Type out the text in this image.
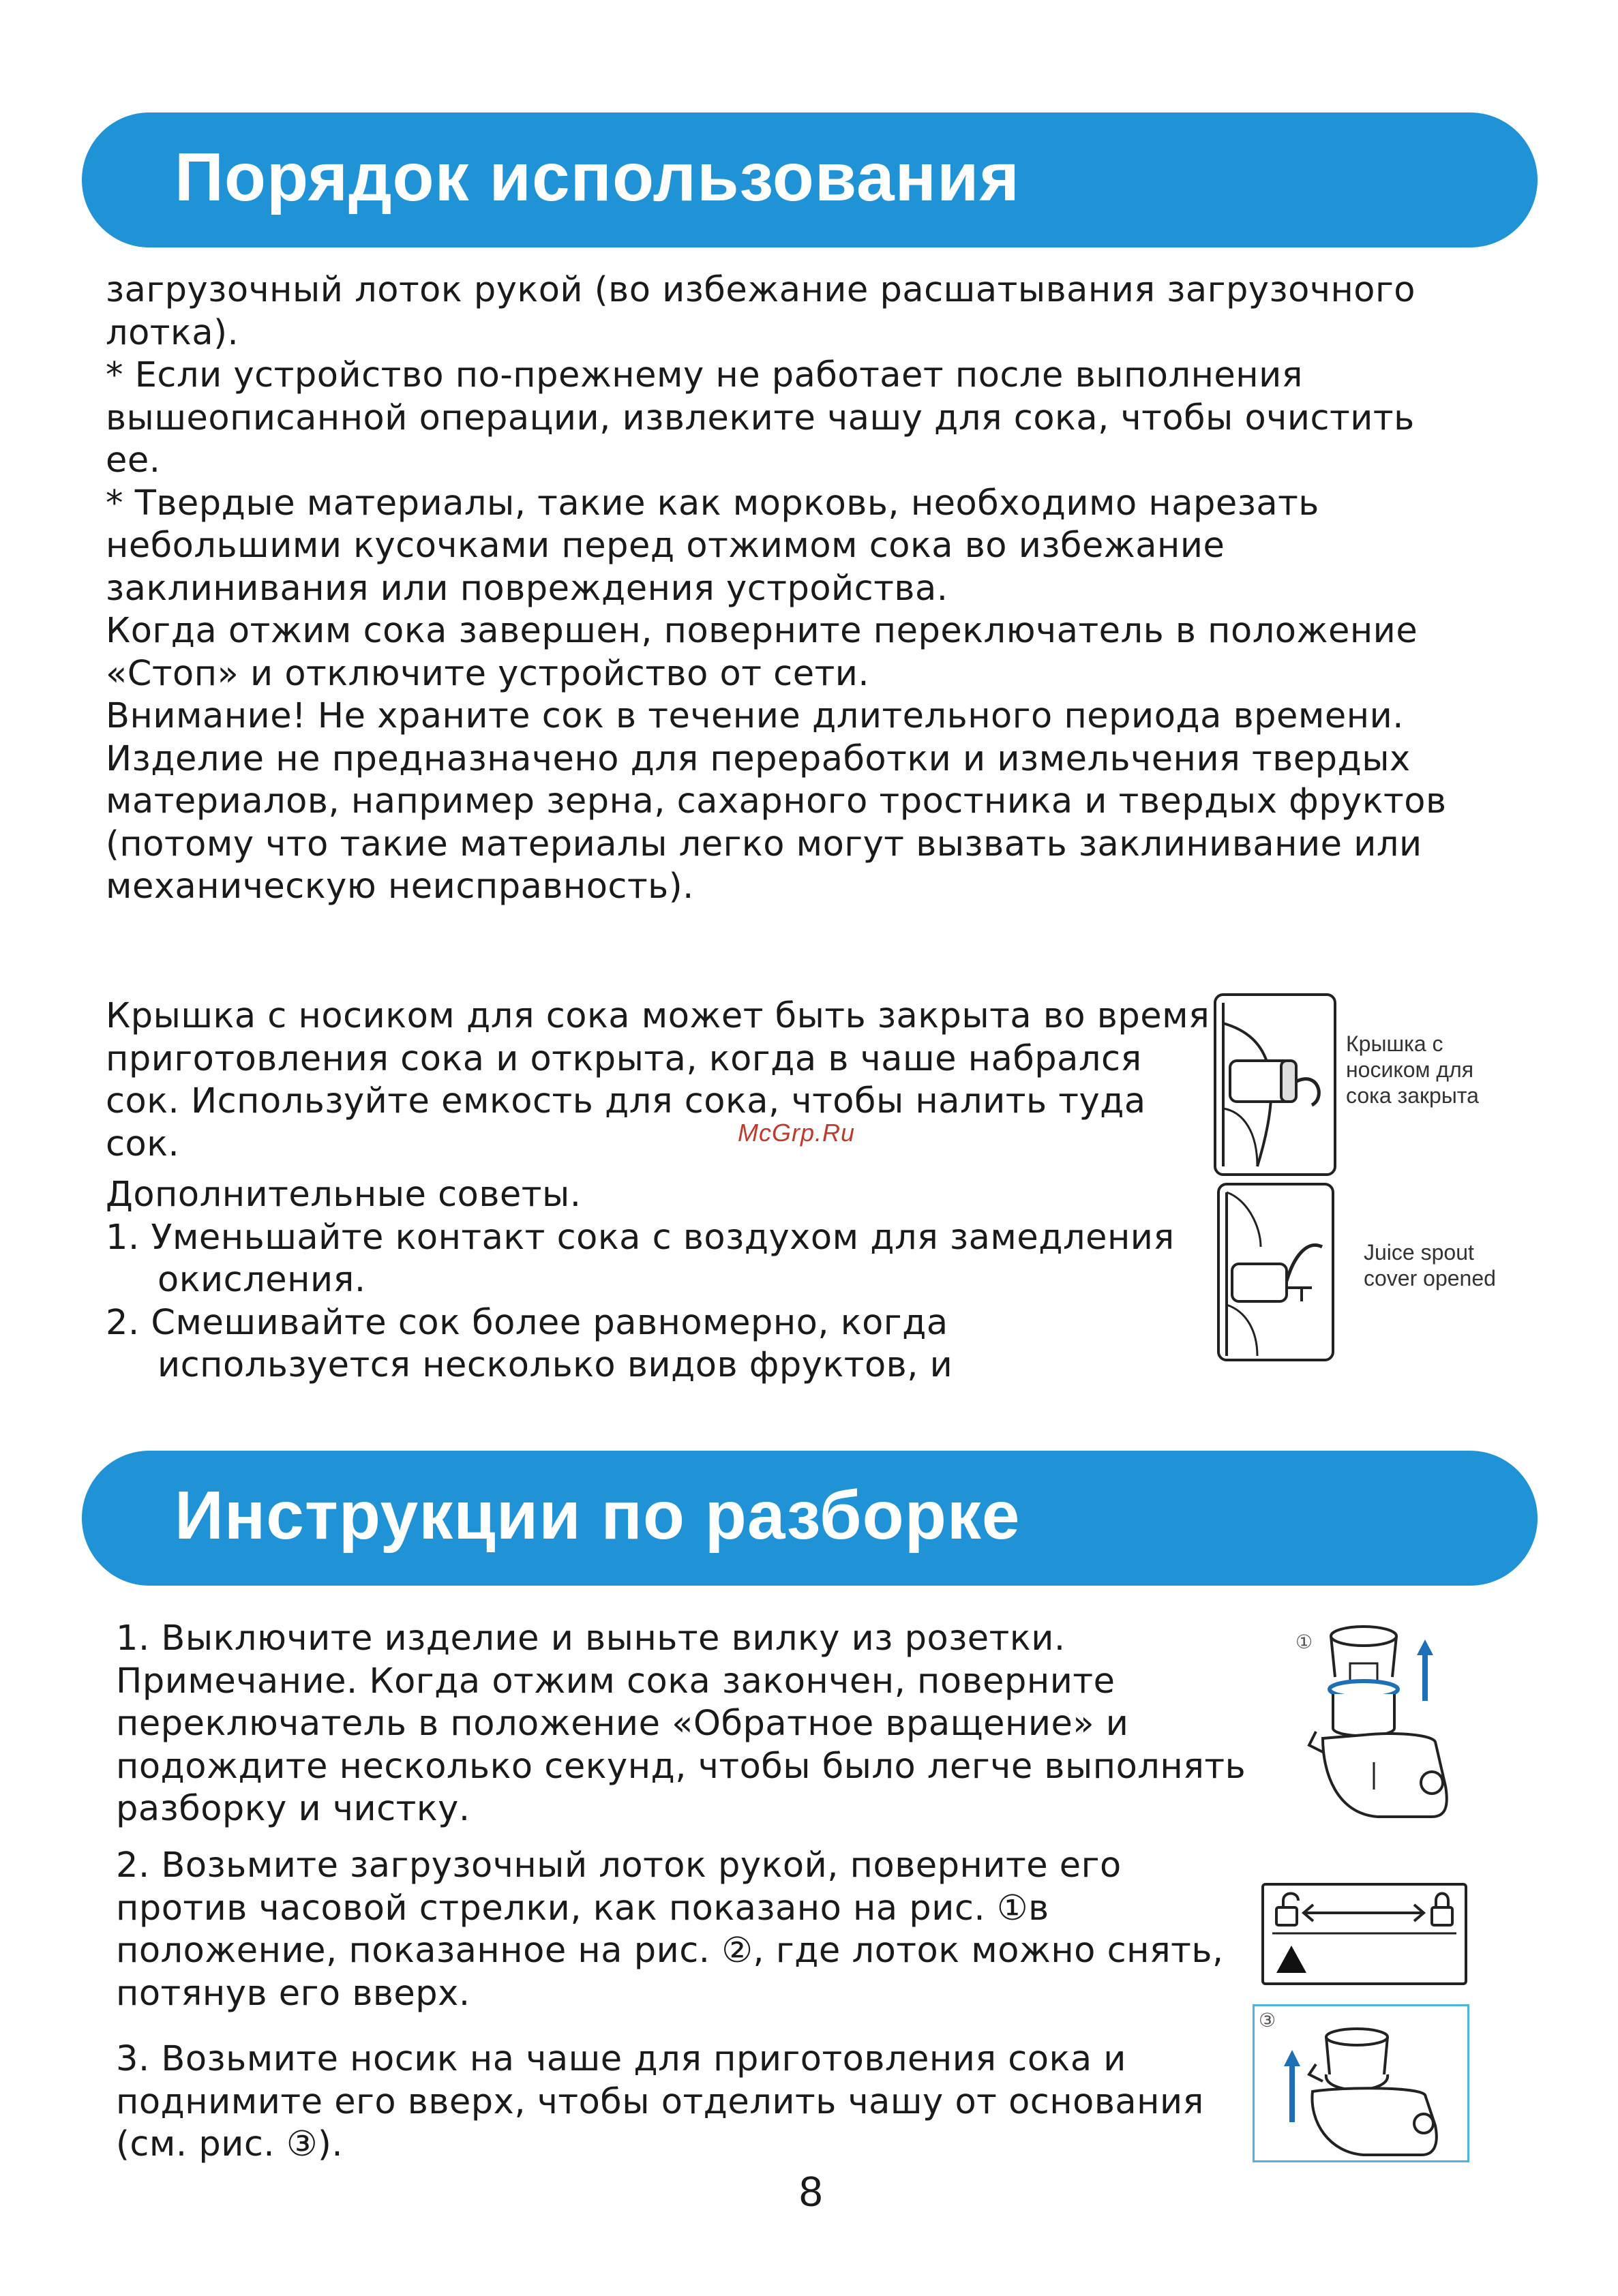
Порядок использования

загрузочный лоток рукой (во избежание расшатывания загрузочного

лотка).

* Если устройство по-прежнему не работает после выполнения

вышеописанной операции, извлеките чашу для сока, чтобы очистить

ее.

* Твердые материалы, такие как морковь, необходимо нарезать

небольшими кусочками перед отжимом сока во избежание

заклинивания или повреждения устройства.

Когда отжим сока завершен, поверните переключатель в положение

«Стоп» и отключите устройство от сети.

Внимание! Не храните сок в течение длительного периода времени.

Изделие не предназначено для переработки и измельчения твердых

материалов, например зерна, сахарного тростника и твердых фруктов

(потому что такие материалы легко могут вызвать заклинивание или

механическую неисправность).

Крышка с носиком для сока может быть закрыта во время

приготовления сока и открыта, когда в чаше набрался

сок. Используйте емкость для сока, чтобы налить туда

сок.

Дополнительные советы.

1. Уменьшайте контакт сока с воздухом для замедления

окисления.

2. Смешивайте сок более равномерно, когда

используется несколько видов фруктов, и

Крышка с
носиком для
сока закрыта
Juice spout
cover opened
McGrp.Ru
Инструкции по разборке

1. Выключите изделие и выньте вилку из розетки.

Примечание. Когда отжим сока закончен, поверните

переключатель в положение «Обратное вращение» и

подождите несколько секунд, чтобы было легче выполнять

разборку и чистку.

2. Возьмите загрузочный лоток рукой, поверните его

против часовой стрелки, как показано на рис. ①в

положение, показанное на рис. ②, где лоток можно снять,

потянув его вверх.

3. Возьмите носик на чаше для приготовления сока и

поднимите его вверх, чтобы отделить чашу от основания

(см. рис. ③).

①
③
8
